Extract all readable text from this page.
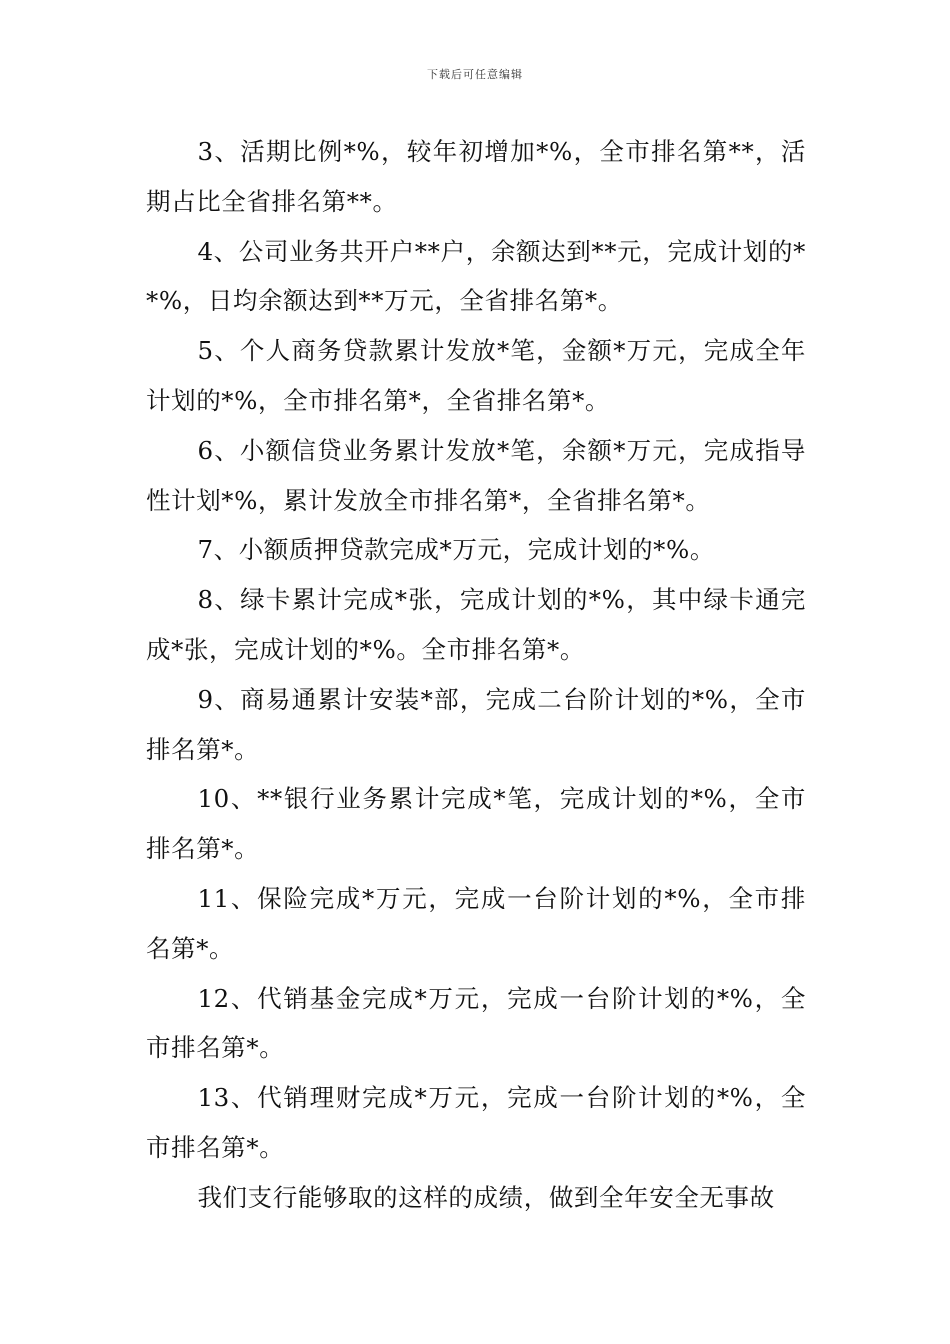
下载后可任意编辑

3、活期比例*%，较年初增加*%，全市排名第**，活期占比全省排名第**。

4、公司业务共开户**户，余额达到**元，完成计划的**%，日均余额达到**万元，全省排名第*。

5、个人商务贷款累计发放*笔，金额*万元，完成全年计划的*%，全市排名第*，全省排名第*。

6、小额信贷业务累计发放*笔，余额*万元，完成指导性计划*%，累计发放全市排名第*，全省排名第*。

7、小额质押贷款完成*万元，完成计划的*%。

8、绿卡累计完成*张，完成计划的*%，其中绿卡通完成*张，完成计划的*%。全市排名第*。

9、商易通累计安装*部，完成二台阶计划的*%，全市排名第*。

10、**银行业务累计完成*笔，完成计划的*%，全市排名第*。

11、保险完成*万元，完成一台阶计划的*%，全市排名第*。

12、代销基金完成*万元，完成一台阶计划的*%，全市排名第*。

13、代销理财完成*万元，完成一台阶计划的*%，全市排名第*。

我们支行能够取的这样的成绩，做到全年安全无事故
